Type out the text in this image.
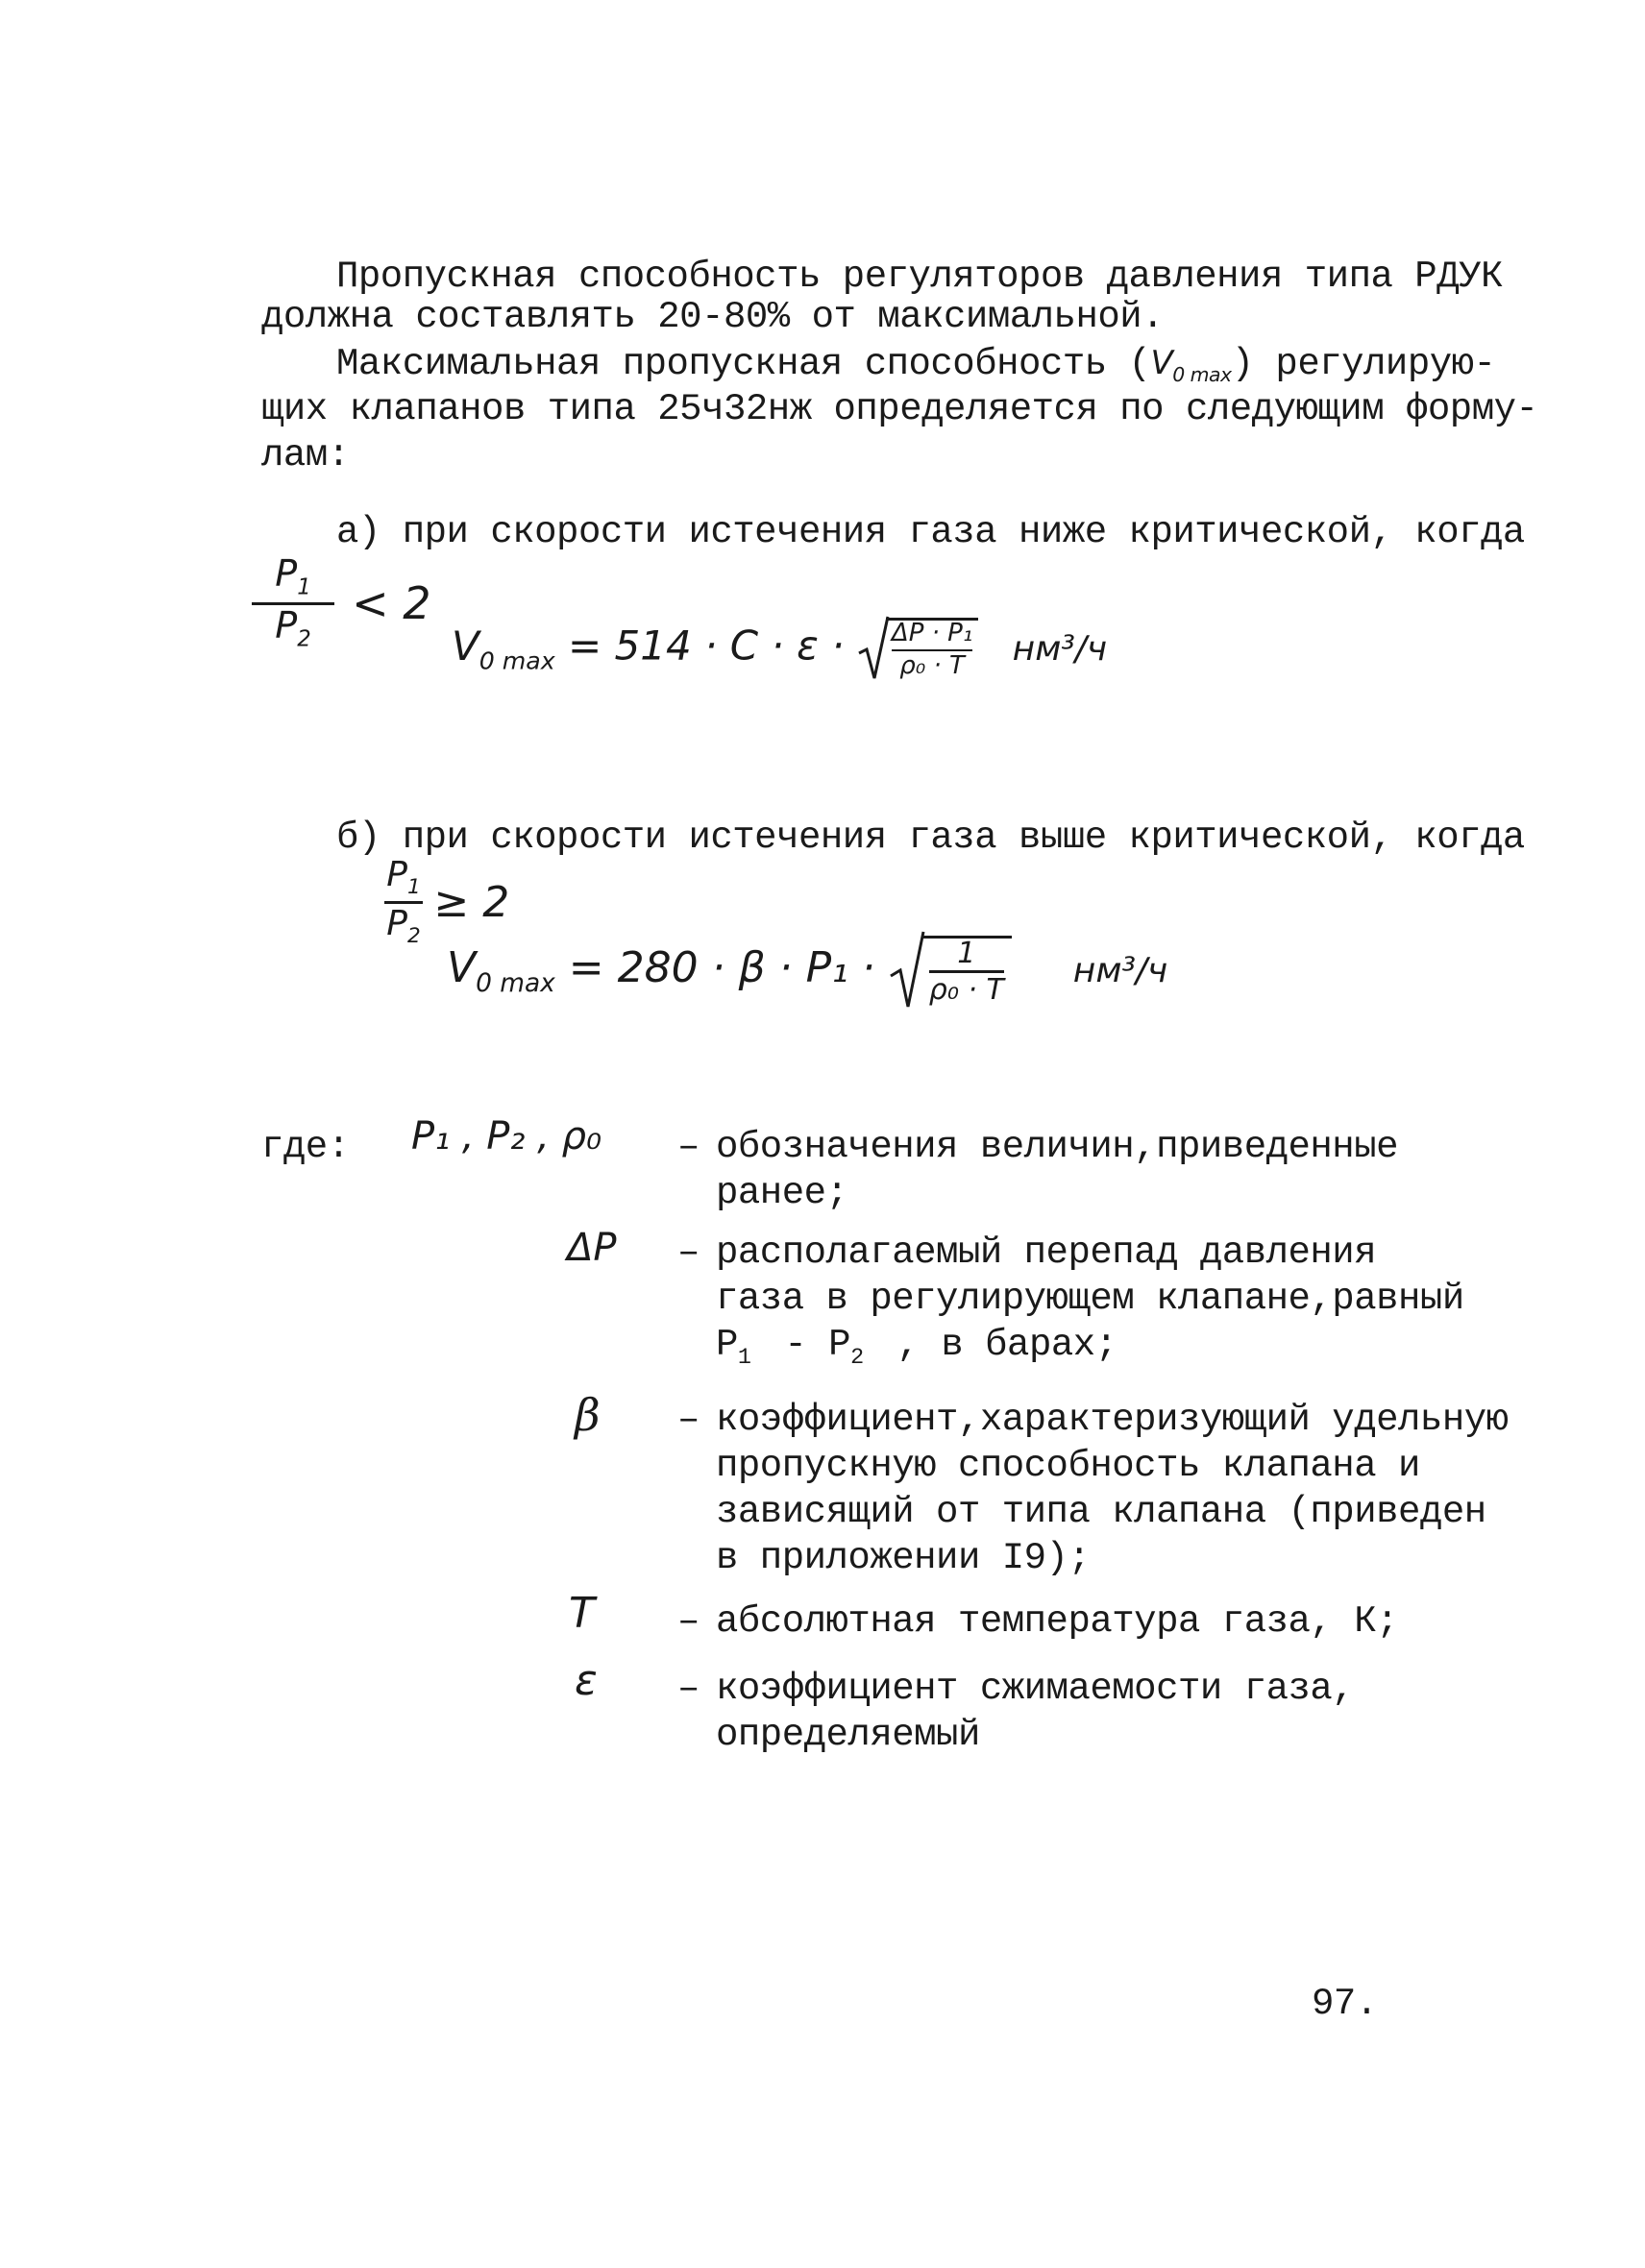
Пропускная способность регуляторов давления типа РДУК
должна составлять 20-80% от максимальной.
Максимальная пропускная способность $(V_{0 max})$ регулирую-
щих клапанов типа 25ч32нж определяется по следующим форму-
лам:
а) при скорости истечения газа ниже критической, когда
$\frac{P_1}{P_2} < 2$
$V_{0 max} = 514 \cdot C \cdot \varepsilon \cdot \frac{\text{ΔP · P₁}}{\text{ρ₀ · T}} нм^3/ч$
б) при скорости истечения газа выше критической, когда
$\frac{P_1}{P_2} \ge 2$
$V_{0 max} = 280 \cdot \beta \cdot P_1 \cdot \frac{1}{\text{ρ₀ · T}} нм^3/ч$
где: P₁ , P₂ , ρ₀ – обозначения величин,приведенные
ранее;
ΔP – располагаемый перепад давления
газа в регулирующем клапане,равный
$P_1 - P_2$ , в барах;
β – коэффициент,характеризующий удельную
пропускную способность клапана и
зависящий от типа клапана (приведен
в приложении I9);
T – абсолютная температура газа, К;
ε – коэффициент сжимаемости газа,
определяемый
97.
